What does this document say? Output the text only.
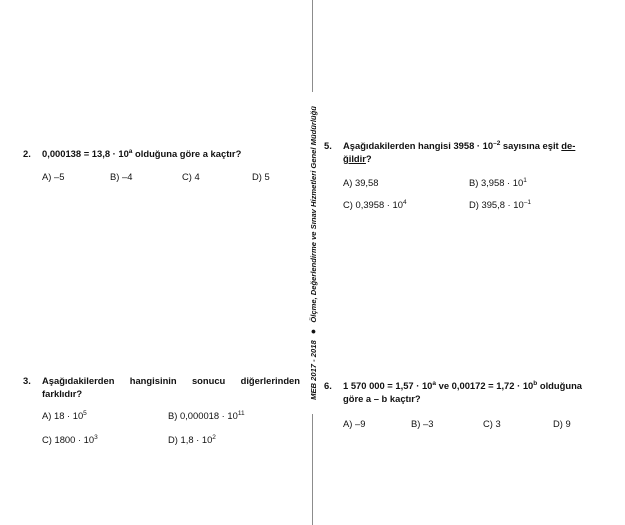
MEB 2017 - 2018 ● Ölçme, Değerlendirme ve Sınav Hizmetleri Genel Müdürlüğü
2. $0,000138 = 13,8 \cdot 10^a$ olduğuna göre a kaçtır?
A) –5	B) –4	C) 4	D) 5
3. Aşağıdakilerden hangisinin sonucu diğerlerinden
farklıdır?
A) $18 \cdot 10^5$	B) $0,000018 \cdot 10^{11}$
C) $1800 \cdot 10^3$	D) $1,8 \cdot 10^2$
5. Aşağıdakilerden hangisi $3958 \cdot 10^{-2}$ sayısına eşit de-
ğildir?
A) 39,58	B) $3,958 \cdot 10^1$
C) $0,3958 \cdot 10^4$	D) $395,8 \cdot 10^{-1}$
6. 1 570 $000 = 1,57 \cdot 10^a$ ve $0,00172 = 1,72 \cdot 10^b$ olduğuna
göre a – b kaçtır?
A) –9	B) –3	C) 3	D) 9
